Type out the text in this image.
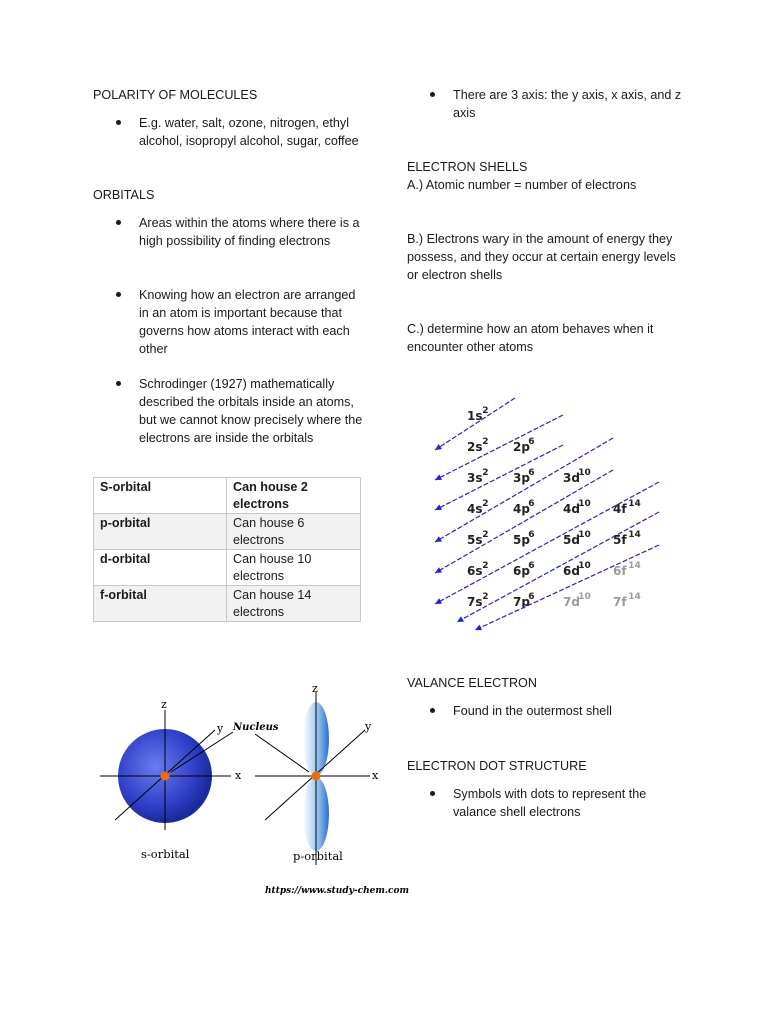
POLARITY OF MOLECULES

E.g. water, salt, ozone, nitrogen, ethyl alcohol, isopropyl alcohol, sugar, coffee

ORBITALS

Areas within the atoms where there is a high possibility of finding electrons
Knowing how an electron are arranged in an atom is important because that governs how atoms interact with each other
Schrodinger (1927) mathematically described the orbitals inside an atoms, but we cannot know precisely where the electrons are inside the orbitals
S-orbital	Can house 2 electrons
p-orbital	Can house 6 electrons
d-orbital	Can house 10 electrons
f-orbital	Can house 14 electrons
z
x
y
s-orbital
z
x
y
p-orbital
Nucleus
https://www.study-chem.com
There are 3 axis: the y axis, x axis, and z axis

ELECTRON SHELLS

A.) Atomic number = number of electrons

B.) Electrons wary in the amount of energy they possess, and they occur at certain energy levels or electron shells

C.) determine how an atom behaves when it encounter other atoms

1s 2
2s 2 2p
6
3s 2 3p
6 3d
10
4s 2 4p
6 4d
10 4f 14
5s 2 5p
6 5d
10 5f 14
6s 2 6p
6 6d
10 6f 14
7s 2 7p
6 7d
10 7f 14

VALANCE ELECTRON

Found in the outermost shell

ELECTRON DOT STRUCTURE

Symbols with dots to represent the valance shell electrons
